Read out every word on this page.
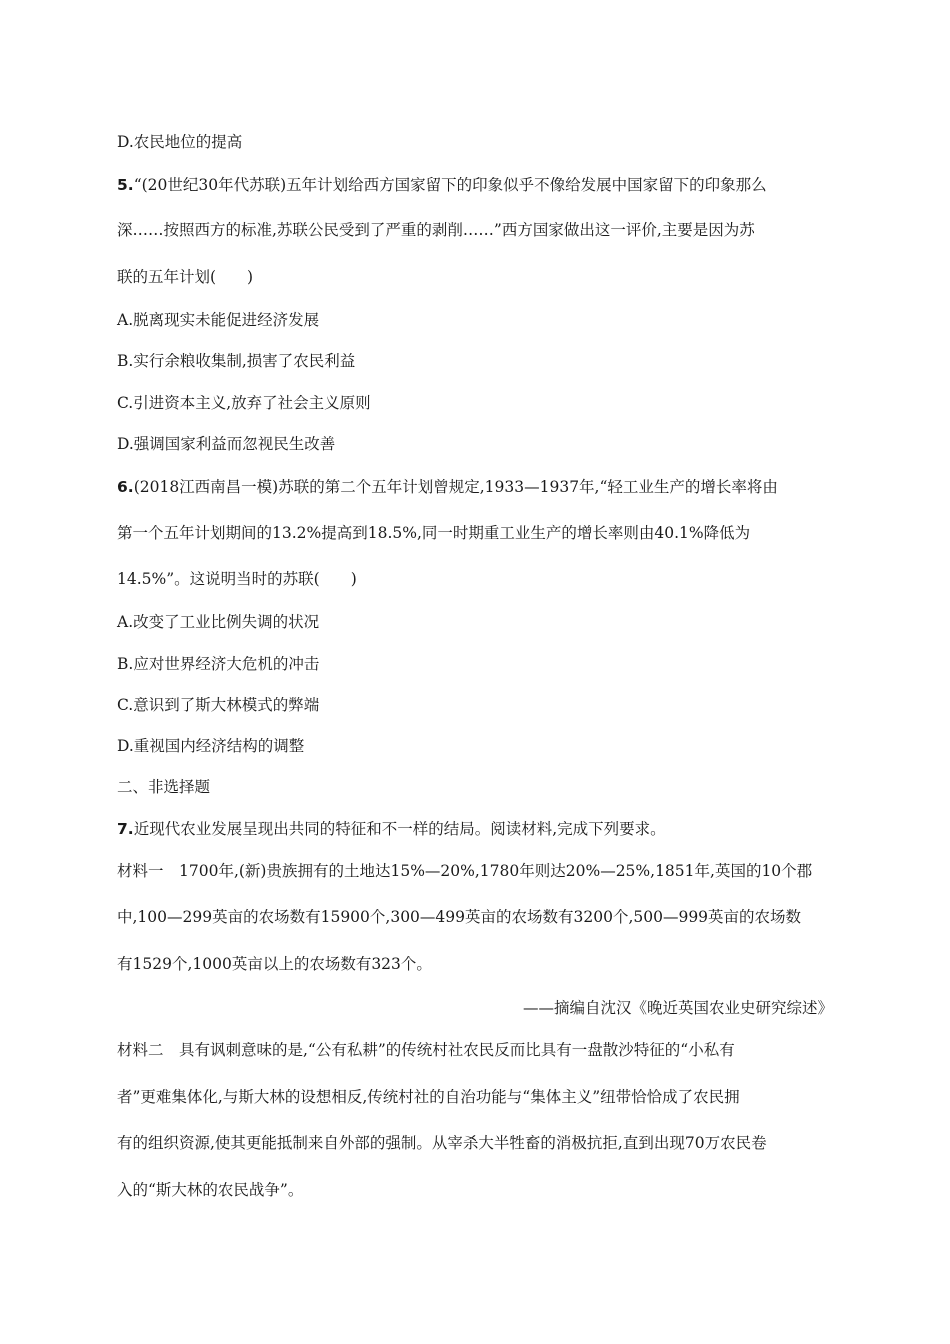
D.农民地位的提高
5.“(20世纪30年代苏联)五年计划给西方国家留下的印象似乎不像给发展中国家留下的印象那么
深……按照西方的标准,苏联公民受到了严重的剥削……”西方国家做出这一评价,主要是因为苏
联的五年计划(　　)
A.脱离现实未能促进经济发展
B.实行余粮收集制,损害了农民利益
C.引进资本主义,放弃了社会主义原则
D.强调国家利益而忽视民生改善
6.(2018江西南昌一模)苏联的第二个五年计划曾规定,1933—1937年,“轻工业生产的增长率将由
第一个五年计划期间的13.2%提高到18.5%,同一时期重工业生产的增长率则由40.1%降低为
14.5%”。这说明当时的苏联(　　)
A.改变了工业比例失调的状况
B.应对世界经济大危机的冲击
C.意识到了斯大林模式的弊端
D.重视国内经济结构的调整
二、非选择题
7.近现代农业发展呈现出共同的特征和不一样的结局。阅读材料,完成下列要求。
材料一　1700年,(新)贵族拥有的土地达15%—20%,1780年则达20%—25%,1851年,英国的10个郡
中,100—299英亩的农场数有15900个,300—499英亩的农场数有3200个,500—999英亩的农场数
有1529个,1000英亩以上的农场数有323个。
——摘编自沈汉《晚近英国农业史研究综述》
材料二　具有讽刺意味的是,“公有私耕”的传统村社农民反而比具有一盘散沙特征的“小私有
者”更难集体化,与斯大林的设想相反,传统村社的自治功能与“集体主义”纽带恰恰成了农民拥
有的组织资源,使其更能抵制来自外部的强制。从宰杀大半牲畜的消极抗拒,直到出现70万农民卷
入的“斯大林的农民战争”。
